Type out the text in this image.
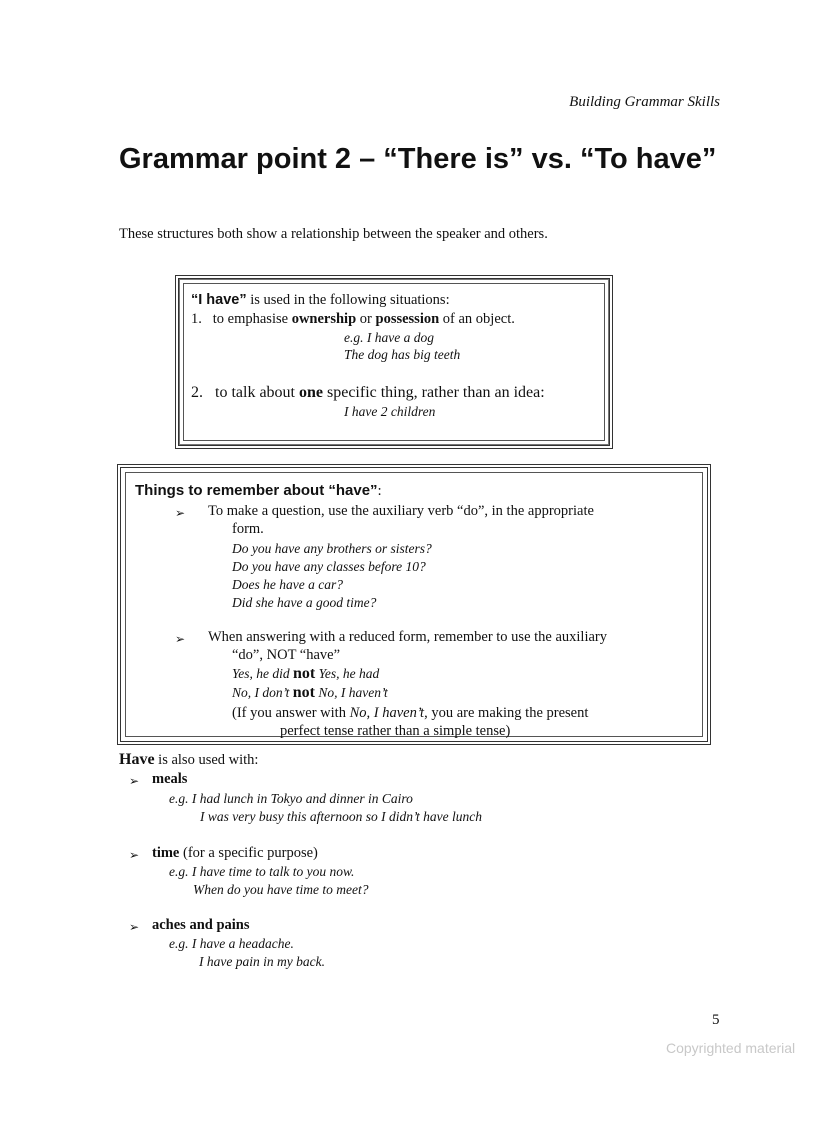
Building Grammar Skills
Grammar point 2 – “There is” vs. “To have”
These structures both show a relationship between the speaker and others.
“I have” is used in the following situations:
1. to emphasise ownership or possession of an object.
e.g. I have a dog
The dog has big teeth
2. to talk about one specific thing, rather than an idea:
I have 2 children
Things to remember about “have”:
➢ To make a question, use the auxiliary verb “do”, in the appropriate
form.
Do you have any brothers or sisters?
Do you have any classes before 10?
Does he have a car?
Did she have a good time?
➢ When answering with a reduced form, remember to use the auxiliary
“do”, NOT “have”
Yes, he did not Yes, he had
No, I don’t not No, I haven’t
(If you answer with No, I haven’t, you are making the present
perfect tense rather than a simple tense)
Have is also used with:
➢ meals
e.g. I had lunch in Tokyo and dinner in Cairo
I was very busy this afternoon so I didn’t have lunch
➢ time (for a specific purpose)
e.g. I have time to talk to you now.
When do you have time to meet?
➢ aches and pains
e.g. I have a headache.
I have pain in my back.
5
Copyrighted material
